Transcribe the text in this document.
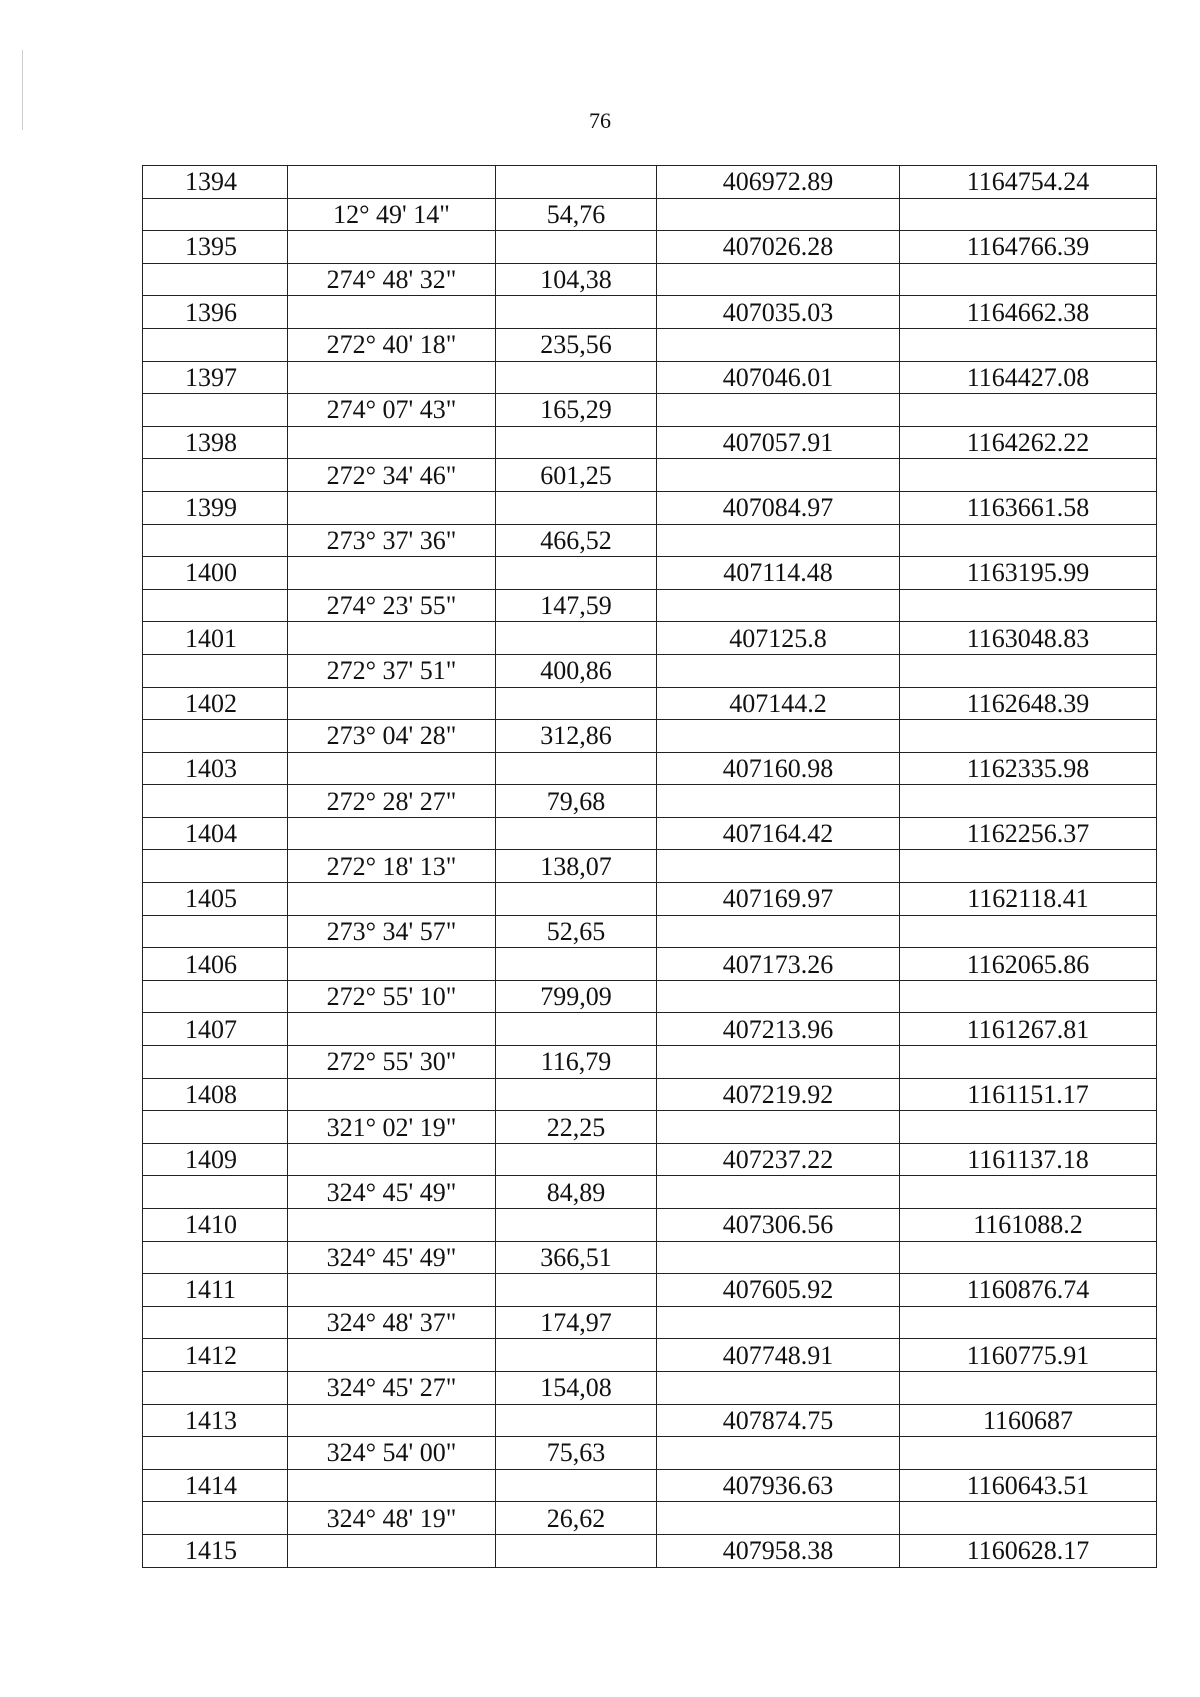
76
1394			406972.89	1164754.24
	12° 49' 14"	54,76		
1395			407026.28	1164766.39
	274° 48' 32"	104,38		
1396			407035.03	1164662.38
	272° 40' 18"	235,56		
1397			407046.01	1164427.08
	274° 07' 43"	165,29		
1398			407057.91	1164262.22
	272° 34' 46"	601,25		
1399			407084.97	1163661.58
	273° 37' 36"	466,52		
1400			407114.48	1163195.99
	274° 23' 55"	147,59		
1401			407125.8	1163048.83
	272° 37' 51"	400,86		
1402			407144.2	1162648.39
	273° 04' 28"	312,86		
1403			407160.98	1162335.98
	272° 28' 27"	79,68		
1404			407164.42	1162256.37
	272° 18' 13"	138,07		
1405			407169.97	1162118.41
	273° 34' 57"	52,65		
1406			407173.26	1162065.86
	272° 55' 10"	799,09		
1407			407213.96	1161267.81
	272° 55' 30"	116,79		
1408			407219.92	1161151.17
	321° 02' 19"	22,25		
1409			407237.22	1161137.18
	324° 45' 49"	84,89		
1410			407306.56	1161088.2
	324° 45' 49"	366,51		
1411			407605.92	1160876.74
	324° 48' 37"	174,97		
1412			407748.91	1160775.91
	324° 45' 27"	154,08		
1413			407874.75	1160687
	324° 54' 00"	75,63		
1414			407936.63	1160643.51
	324° 48' 19"	26,62		
1415			407958.38	1160628.17
